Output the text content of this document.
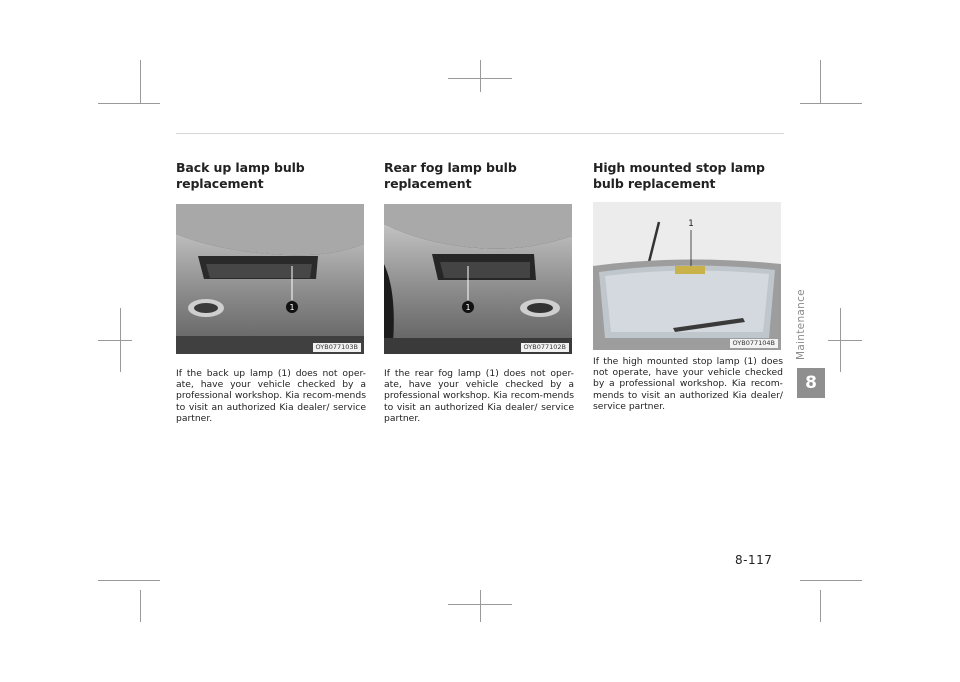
Back up lamp bulb replacement
1
OYB077103B
If the back up lamp (1) does not oper-ate, have your vehicle checked by a professional workshop. Kia recom-mends to visit an authorized Kia dealer/ service partner.
Rear fog lamp bulb replacement
1
OYB077102B
If the rear fog lamp (1) does not oper-ate, have your vehicle checked by a professional workshop. Kia recom-mends to visit an authorized Kia dealer/ service partner.
High mounted stop lamp bulb replacement
1
OYB077104B
If the high mounted stop lamp (1) does not operate, have your vehicle checked by a professional workshop. Kia recom-mends to visit an authorized Kia dealer/ service partner.
Maintenance
8
8-117
